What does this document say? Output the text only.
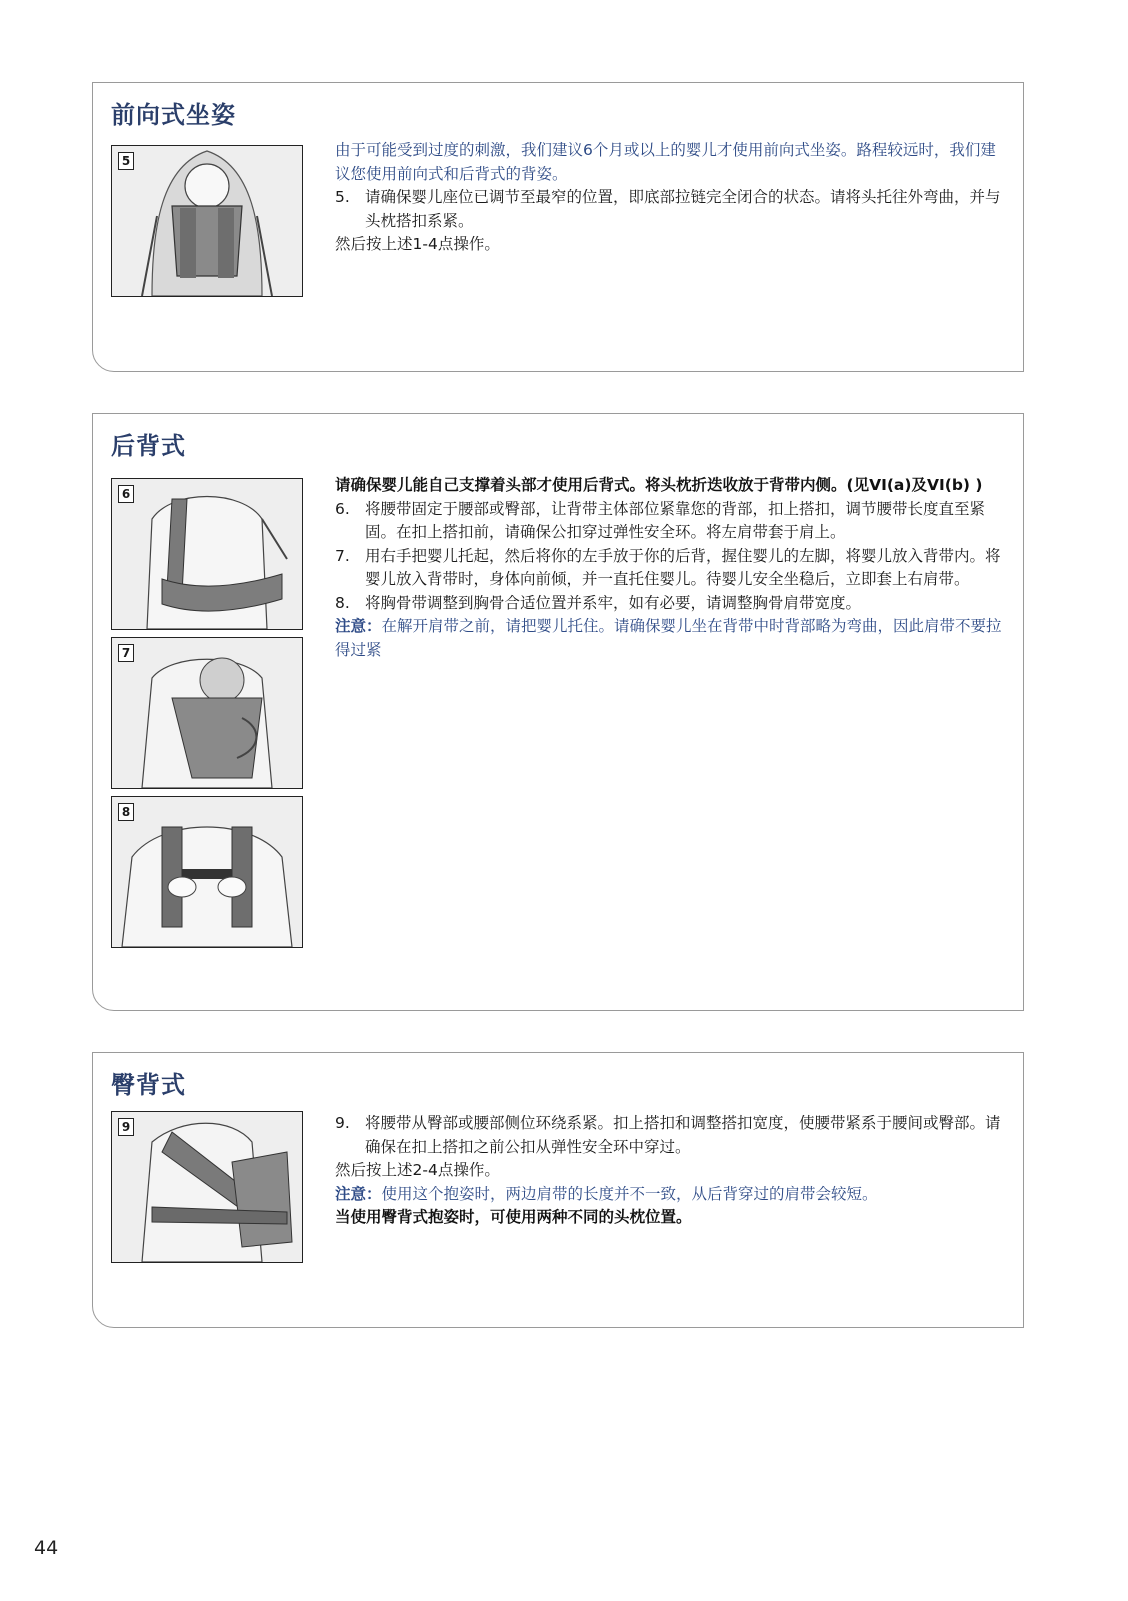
前向式坐姿
5

由于可能受到过度的刺激，我们建议6个月或以上的婴儿才使用前向式坐姿。路程较远时，我们建议您使用前向式和后背式的背姿。

5. 请确保婴儿座位已调节至最窄的位置，即底部拉链完全闭合的状态。请将头托往外弯曲，并与头枕搭扣系紧。

然后按上述1-4点操作。

后背式
6
7
8

请确保婴儿能自己支撑着头部才使用后背式。将头枕折迭收放于背带内侧。(见VI(a)及VI(b) )

6. 将腰带固定于腰部或臀部，让背带主体部位紧靠您的背部，扣上搭扣，调节腰带长度直至紧固。在扣上搭扣前，请确保公扣穿过弹性安全环。将左肩带套于肩上。

7. 用右手把婴儿托起，然后将你的左手放于你的后背，握住婴儿的左脚，将婴儿放入背带内。将婴儿放入背带时，身体向前倾，并一直托住婴儿。待婴儿安全坐稳后，立即套上右肩带。

8. 将胸骨带调整到胸骨合适位置并系牢，如有必要，请调整胸骨肩带宽度。

注意：在解开肩带之前，请把婴儿托住。请确保婴儿坐在背带中时背部略为弯曲，因此肩带不要拉得过紧

臀背式
9	9. 将腰带从臀部或腰部侧位环绕系紧。扣上搭扣和调整搭扣宽度，使腰带紧系于腰间或臀部。请确保在扣上搭扣之前公扣从弹性安全环中穿过。

然后按上述2-4点操作。

注意：使用这个抱姿时，两边肩带的长度并不一致，从后背穿过的肩带会较短。

当使用臀背式抱姿时，可使用两种不同的头枕位置。

44
